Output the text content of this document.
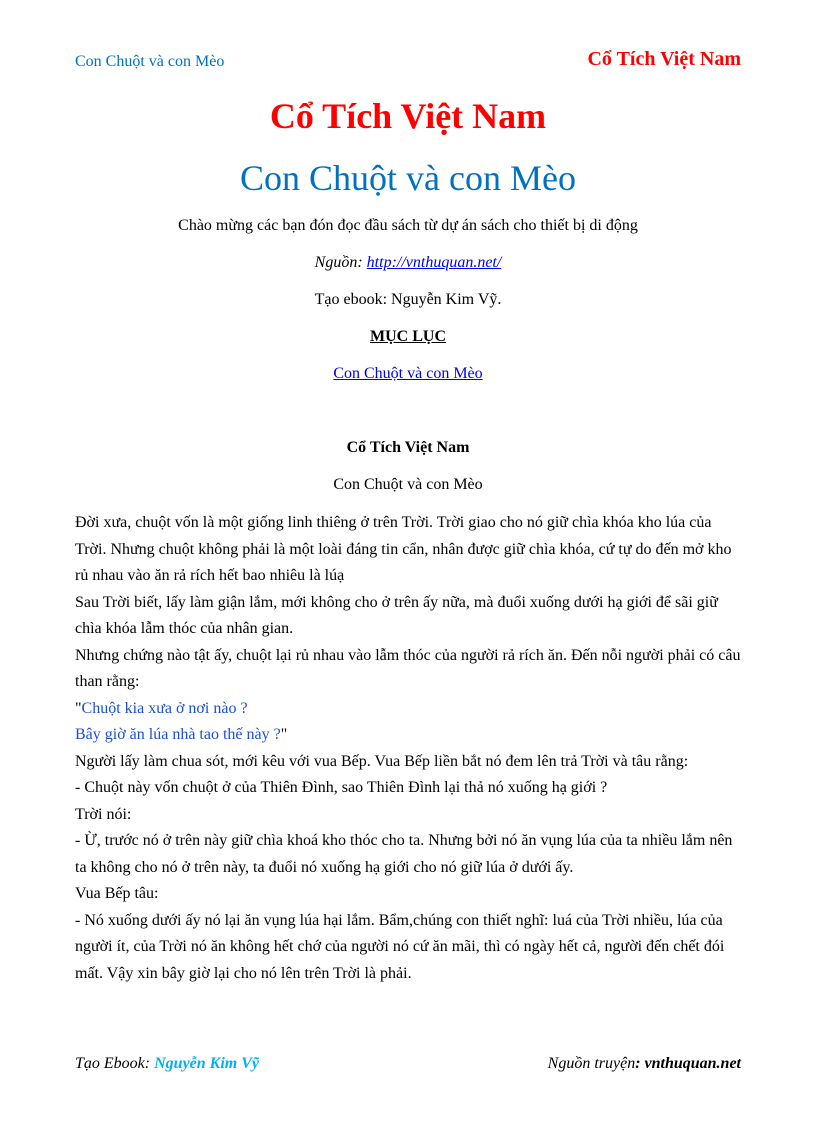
Con Chuột và con Mèo	Cổ Tích Việt Nam
Cổ Tích Việt Nam
Con Chuột và con Mèo
Chào mừng các bạn đón đọc đầu sách từ dự án sách cho thiết bị di động
Nguồn: http://vnthuquan.net/
Tạo ebook: Nguyễn Kim Vỹ.
MỤC LỤC
Con Chuột và con Mèo
Cổ Tích Việt Nam
Con Chuột và con Mèo

Đời xưa, chuột vốn là một giống linh thiêng ở trên Trời. Trời giao cho nó giữ chìa khóa kho lúa của Trời. Nhưng chuột không phải là một loài đáng tin cẩn, nhân được giữ chìa khóa, cứ tự do đến mở kho rủ nhau vào ăn rả rích hết bao nhiêu là lúạ

Sau Trời biết, lấy làm giận lắm, mới không cho ở trên ấy nữa, mà đuổi xuống dưới hạ giới để sãi giữ chìa khóa lẫm thóc của nhân gian.

Nhưng chứng nào tật ấy, chuột lại rủ nhau vào lẫm thóc của người rả rích ăn. Đến nỗi người phải có câu than rằng:

"Chuột kia xưa ở nơi nào ?

Bây giờ ăn lúa nhà tao thế này ?"

Người lấy làm chua sót, mới kêu với vua Bếp. Vua Bếp liền bắt nó đem lên trả Trời và tâu rằng:

- Chuột này vốn chuột ở của Thiên Đình, sao Thiên Đình lại thả nó xuống hạ giới ?

Trời nói:

- Ừ, trước nó ở trên này giữ chìa khoá kho thóc cho ta. Nhưng bởi nó ăn vụng lúa của ta nhiều lắm nên ta không cho nó ở trên này, ta đuổi nó xuống hạ giới cho nó giữ lúa ở dưới ấy.

Vua Bếp tâu:

- Nó xuống dưới ấy nó lại ăn vụng lúa hại lắm. Bẩm,chúng con thiết nghĩ: luá của Trời nhiều, lúa của người ít, của Trời nó ăn không hết chớ của người nó cứ ăn mãi, thì có ngày hết cả, người đến chết đói mất. Vậy xin bây giờ lại cho nó lên trên Trời là phải.

Tạo Ebook: Nguyễn Kim Vỹ	Nguồn truyện: vnthuquan.net
